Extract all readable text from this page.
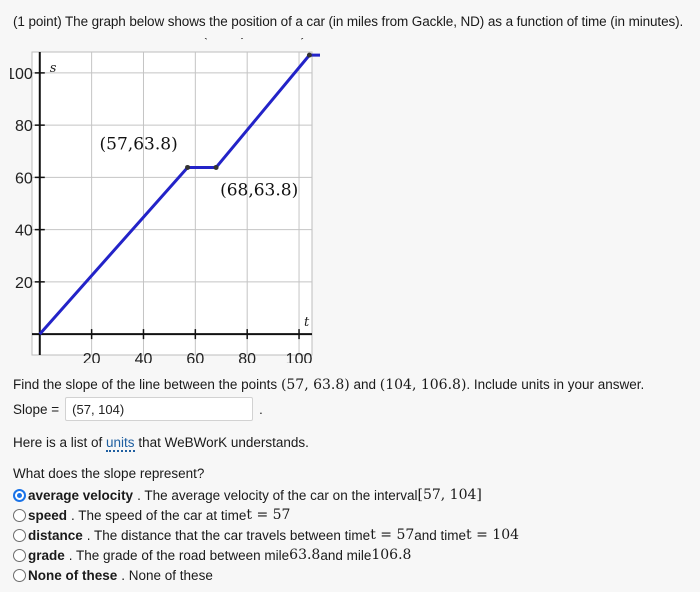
(1 point) The graph below shows the position of a car (in miles from Gackle, ND) as a function of time (in minutes).
20
40
60
80
100
20 40 60 80 100
s
t
(57,63.8)
(68,63.8)
Find the slope of the line between the points (57, 63.8) and (104, 106.8). Include units in your answer.
Slope = (57, 104)	.
Here is a list of units that WeBWorK understands.
What does the slope represent?
average velocity . The average velocity of the car on the interval [57, 104]
speed . The speed of the car at time t = 57
distance . The distance that the car travels between time t = 57 and time t = 104
grade . The grade of the road between mile 63.8 and mile 106.8
None of these . None of these
